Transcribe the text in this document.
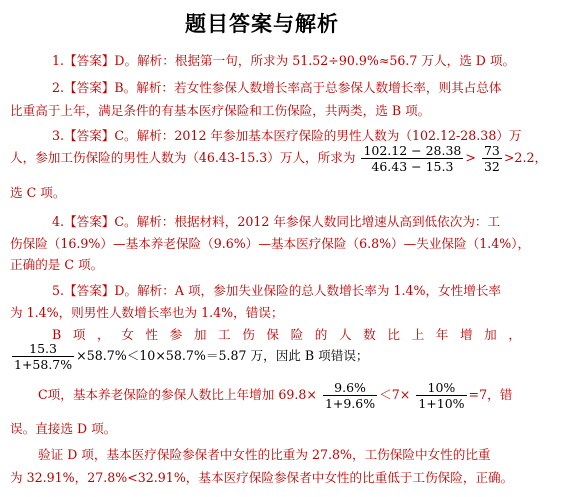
题目答案与解析
1.【答案】D。解析：根据第一句，所求为 51.52÷90.9%≈56.7 万人，选 D 项。
2.【答案】B。解析：若女性参保人数增长率高于总参保人数增长率，则其占总体
比重高于上年，满足条件的有基本医疗保险和工伤保险，共两类，选 B 项。
3.【答案】C。解析：2012 年参加基本医疗保险的男性人数为（102.12-28.38）万
人，参加工伤保险的男性人数为（46.43-15.3）万人，所求为 $\frac{102.12 - 28.38}{46.43 - 15.3} > \frac{73}{32} >2.2$，
选 C 项。
4.【答案】C。解析：根据材料，2012 年参保人数同比增速从高到低依次为：工
伤保险（16.9%）—基本养老保险（9.6%）—基本医疗保险（6.8%）—失业保险（1.4%），
正确的是 C 项。
5.【答案】D。解析：A 项，参加失业保险的总人数增长率为 1.4%，女性增长率
为 1.4%，则男性人数增长率也为 1.4%，错误；
B项，女性参加工伤保险的人数比上年增加，
$\frac{15.3}{1+58.7\%} \times 58.7\%<10\times 58.7\%=5.87$ 万，因此 B 项错误；
C项，基本养老保险的参保人数比上年增加 $69.8\times \frac{9.6\%}{1+9.6\%} <7\times \frac{10\%}{1+10\%} =7$，错
误。直接选 D 项。
验证 D 项，基本医疗保险参保者中女性的比重为 27.8%，工伤保险中女性的比重
为 32.91%，27.8%<32.91%，基本医疗保险参保者中女性的比重低于工伤保险，正确。
